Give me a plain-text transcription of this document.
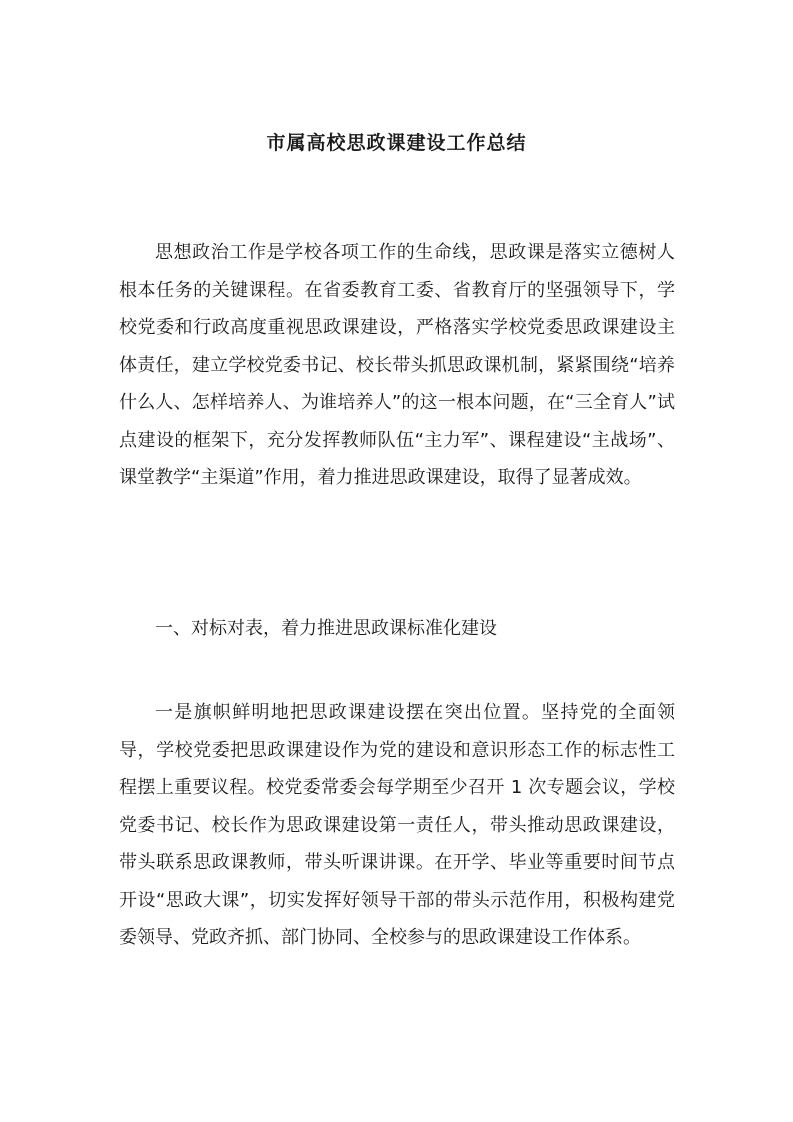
市属高校思政课建设工作总结

思想政治工作是学校各项工作的生命线，思政课是落实立德树人根本任务的关键课程。在省委教育工委、省教育厅的坚强领导下，学校党委和行政高度重视思政课建设，严格落实学校党委思政课建设主体责任，建立学校党委书记、校长带头抓思政课机制，紧紧围绕“培养什么人、怎样培养人、为谁培养人”的这一根本问题，在“三全育人”试点建设的框架下，充分发挥教师队伍“主力军”、课程建设“主战场”、课堂教学“主渠道”作用，着力推进思政课建设，取得了显著成效。

一、对标对表，着力推进思政课标准化建设

一是旗帜鲜明地把思政课建设摆在突出位置。坚持党的全面领导，学校党委把思政课建设作为党的建设和意识形态工作的标志性工程摆上重要议程。校党委常委会每学期至少召开 1 次专题会议，学校党委书记、校长作为思政课建设第一责任人，带头推动思政课建设，带头联系思政课教师，带头听课讲课。在开学、毕业等重要时间节点开设“思政大课”，切实发挥好领导干部的带头示范作用，积极构建党委领导、党政齐抓、部门协同、全校参与的思政课建设工作体系。
